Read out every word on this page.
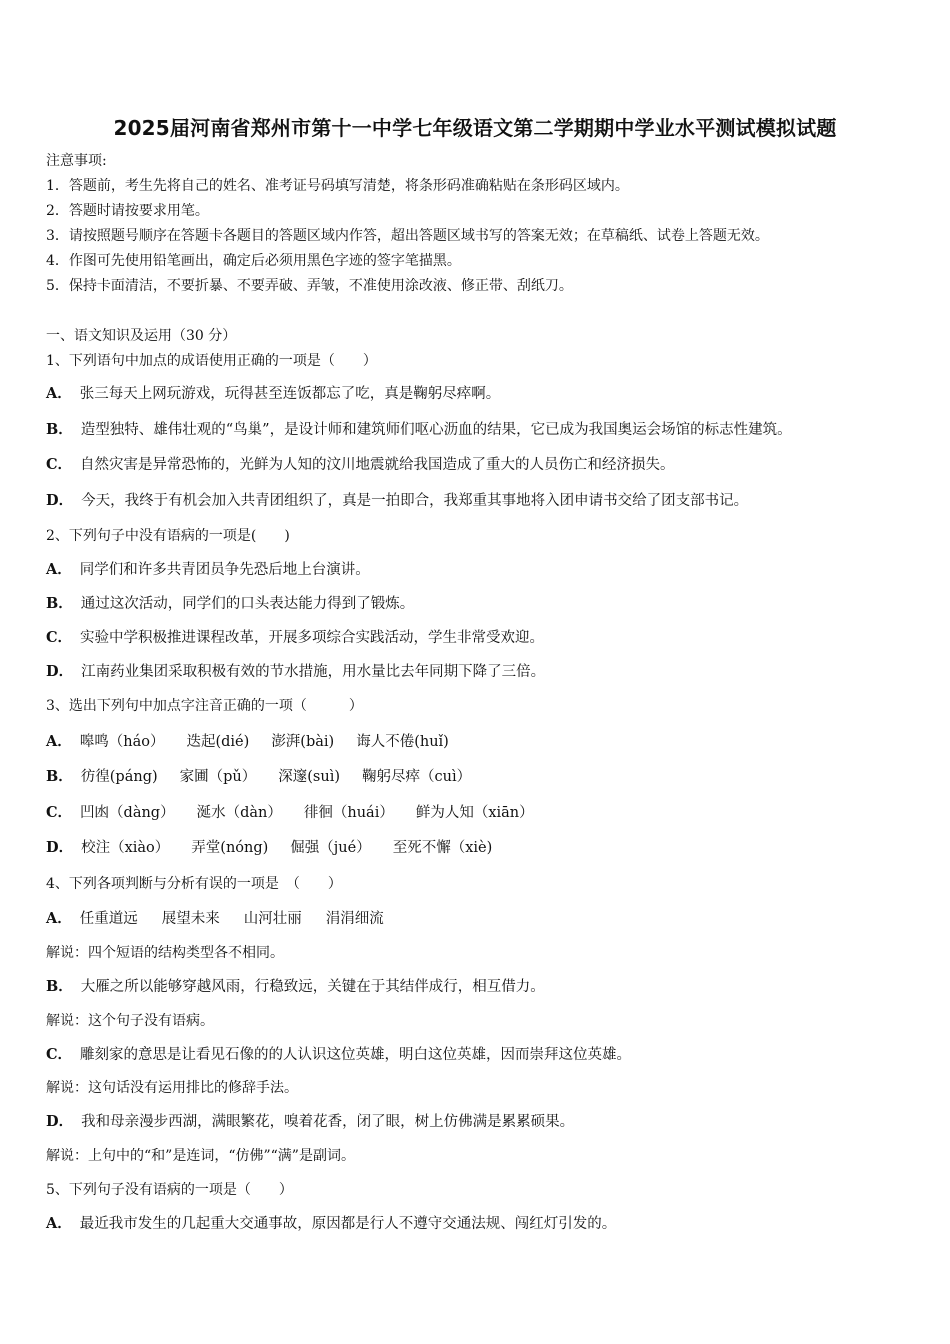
2025届河南省郑州市第十一中学七年级语文第二学期期中学业水平测试模拟试题
注意事项:
1．答题前，考生先将自己的姓名、准考证号码填写清楚，将条形码准确粘贴在条形码区域内。
2．答题时请按要求用笔。
3．请按照题号顺序在答题卡各题目的答题区域内作答，超出答题区域书写的答案无效；在草稿纸、试卷上答题无效。
4．作图可先使用铅笔画出，确定后必须用黑色字迹的签字笔描黑。
5．保持卡面清洁，不要折暴、不要弄破、弄皱，不准使用涂改液、修正带、刮纸刀。
一、语文知识及运用（30 分）
1、下列语句中加点的成语使用正确的一项是（　　）
A． 张三每天上网玩游戏，玩得甚至连饭都忘了吃，真是鞠躬尽瘁啊。
B． 造型独特、雄伟壮观的“鸟巢”，是设计师和建筑师们呕心沥血的结果，它已成为我国奥运会场馆的标志性建筑。
C． 自然灾害是异常恐怖的，光鲜为人知的汶川地震就给我国造成了重大的人员伤亡和经济损失。
D． 今天，我终于有机会加入共青团组织了，真是一拍即合，我郑重其事地将入团申请书交给了团支部书记。
2、下列句子中没有语病的一项是(　　)
A． 同学们和许多共青团员争先恐后地上台演讲。
B． 通过这次活动，同学们的口头表达能力得到了锻炼。
C． 实验中学积极推进课程改革，开展多项综合实践活动，学生非常受欢迎。
D． 江南药业集团采取积极有效的节水措施，用水量比去年同期下降了三倍。
3、选出下列句中加点字注音正确的一项（　　　）
A． 嗥鸣（háo） 迭起(dié) 澎湃(bài) 诲人不倦(huǐ)
B． 彷徨(páng) 家圃（pǔ） 深邃(suì) 鞠躬尽瘁（cuì）
C． 凹凼（dàng） 涎水（dàn） 徘徊（huái） 鲜为人知（xiān）
D． 校注（xiào） 弄堂(nóng) 倔强（jué） 至死不懈（xiè)
4、下列各项判断与分析有误的一项是　（　　）
A． 任重道远 展望未来 山河壮丽 涓涓细流
解说：四个短语的结构类型各不相同。
B． 大雁之所以能够穿越风雨，行稳致远，关键在于其结伴成行，相互借力。
解说：这个句子没有语病。
C． 雕刻家的意思是让看见石像的的人认识这位英雄，明白这位英雄，因而崇拜这位英雄。
解说：这句话没有运用排比的修辞手法。
D． 我和母亲漫步西湖，满眼繁花，嗅着花香，闭了眼，树上仿佛满是累累硕果。
解说：上句中的“和”是连词，“仿佛”“满”是副词。
5、下列句子没有语病的一项是（　　）
A． 最近我市发生的几起重大交通事故，原因都是行人不遵守交通法规、闯红灯引发的。
